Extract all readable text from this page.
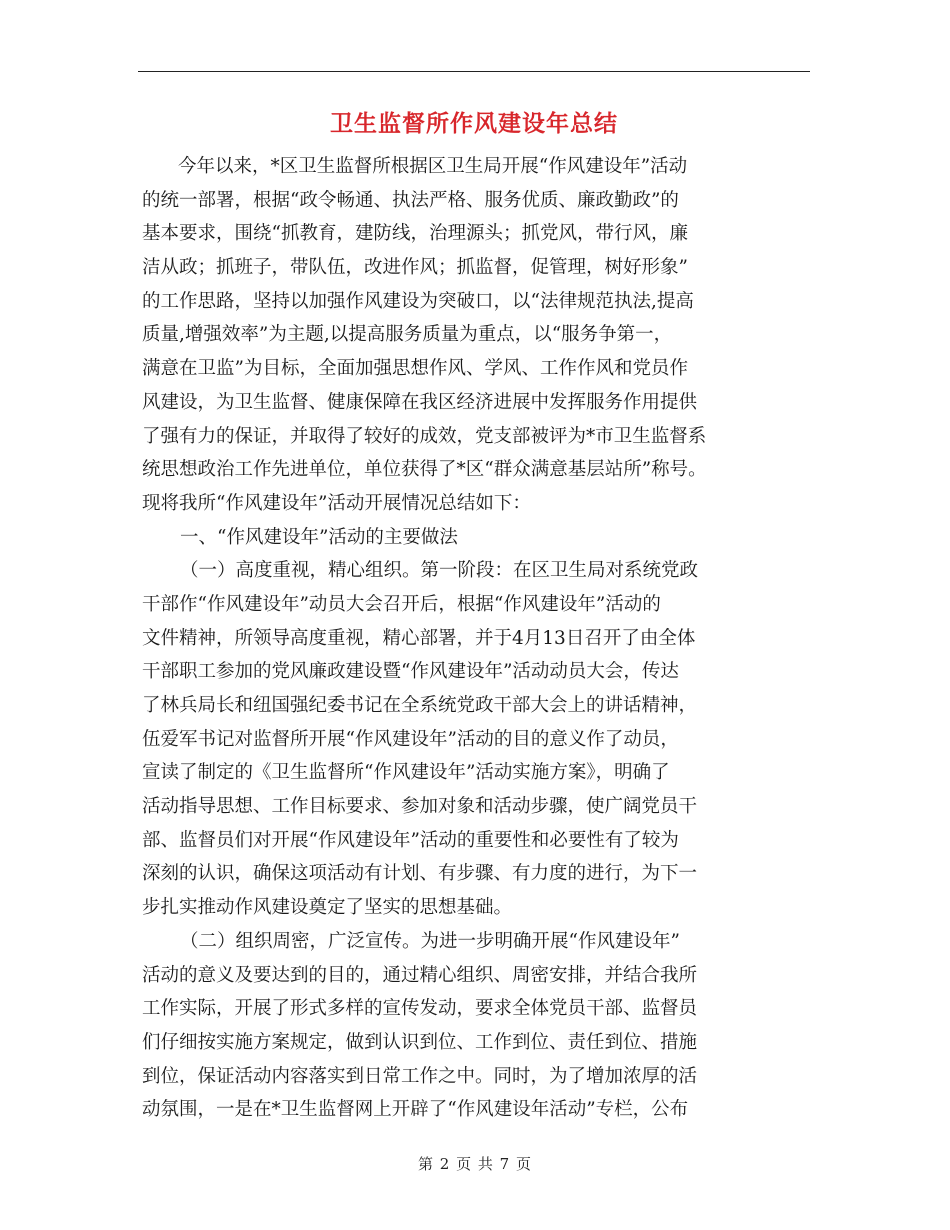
卫生监督所作风建设年总结
今年以来，*区卫生监督所根据区卫生局开展“作风建设年”活动
的统一部署，根据“政令畅通、执法严格、服务优质、廉政勤政”的
基本要求，围绕“抓教育，建防线，治理源头；抓党风，带行风，廉
洁从政；抓班子，带队伍，改进作风；抓监督，促管理，树好形象”
的工作思路，坚持以加强作风建设为突破口，以“法律规范执法,提高
质量,增强效率”为主题,以提高服务质量为重点，以“服务争第一，
满意在卫监”为目标，全面加强思想作风、学风、工作作风和党员作
风建设，为卫生监督、健康保障在我区经济进展中发挥服务作用提供
了强有力的保证，并取得了较好的成效，党支部被评为*市卫生监督系
统思想政治工作先进单位，单位获得了*区“群众满意基层站所”称号。
现将我所“作风建设年”活动开展情况总结如下：
一、“作风建设年”活动的主要做法
（一）高度重视，精心组织。第一阶段：在区卫生局对系统党政
干部作“作风建设年”动员大会召开后，根据“作风建设年”活动的
文件精神，所领导高度重视，精心部署，并于4月13日召开了由全体
干部职工参加的党风廉政建设暨“作风建设年”活动动员大会，传达
了林兵局长和纽国强纪委书记在全系统党政干部大会上的讲话精神，
伍爱军书记对监督所开展“作风建设年”活动的目的意义作了动员，
宣读了制定的《卫生监督所“作风建设年”活动实施方案》，明确了
活动指导思想、工作目标要求、参加对象和活动步骤，使广阔党员干
部、监督员们对开展“作风建设年”活动的重要性和必要性有了较为
深刻的认识，确保这项活动有计划、有步骤、有力度的进行，为下一
步扎实推动作风建设奠定了坚实的思想基础。
（二）组织周密，广泛宣传。为进一步明确开展“作风建设年”
活动的意义及要达到的目的，通过精心组织、周密安排，并结合我所
工作实际，开展了形式多样的宣传发动，要求全体党员干部、监督员
们仔细按实施方案规定，做到认识到位、工作到位、责任到位、措施
到位，保证活动内容落实到日常工作之中。同时，为了增加浓厚的活
动氛围，一是在*卫生监督网上开辟了“作风建设年活动”专栏，公布
第 2 页 共 7 页
